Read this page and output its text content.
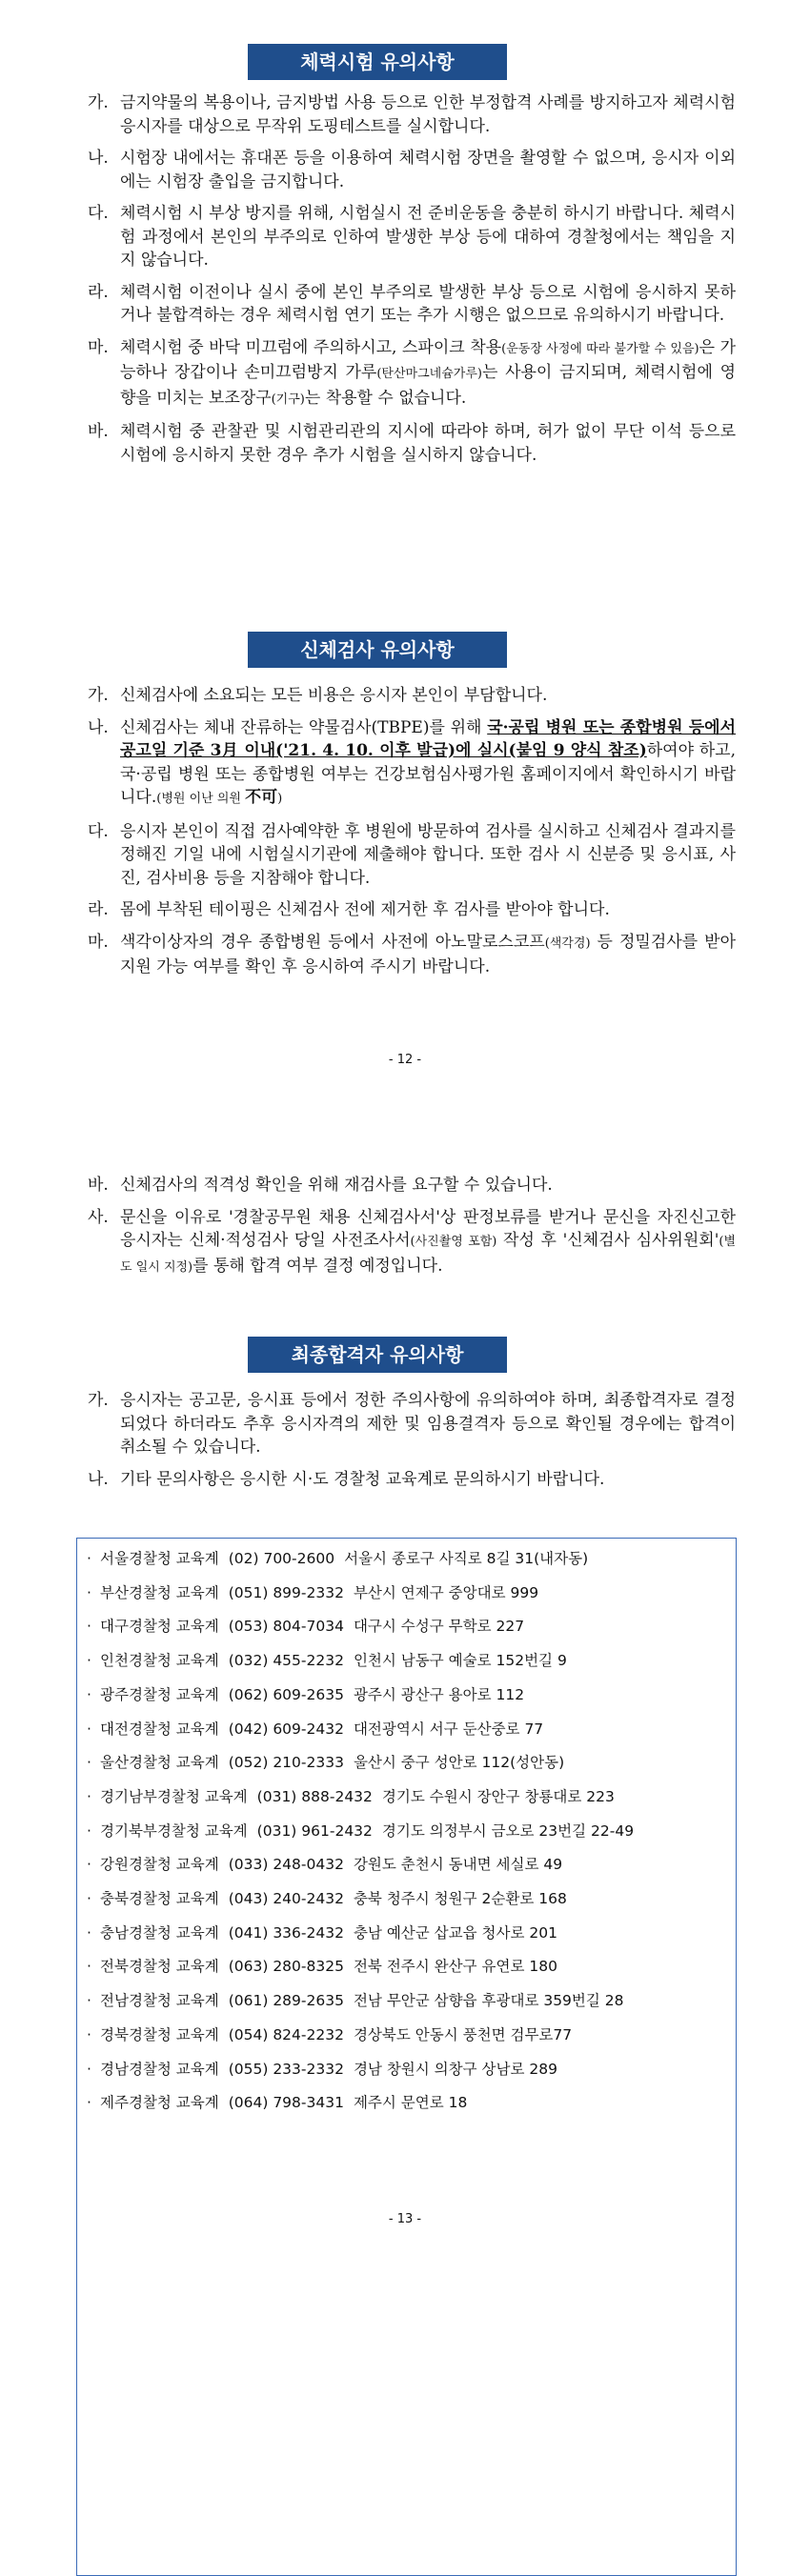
체력시험 유의사항
가. 금지약물의 복용이나, 금지방법 사용 등으로 인한 부정합격 사례를 방지하고자 체력시험 응시자를 대상으로 무작위 도핑테스트를 실시합니다.
나. 시험장 내에서는 휴대폰 등을 이용하여 체력시험 장면을 촬영할 수 없으며, 응시자 이외에는 시험장 출입을 금지합니다.
다. 체력시험 시 부상 방지를 위해, 시험실시 전 준비운동을 충분히 하시기 바랍니다. 체력시험 과정에서 본인의 부주의로 인하여 발생한 부상 등에 대하여 경찰청에서는 책임을 지지 않습니다.
라. 체력시험 이전이나 실시 중에 본인 부주의로 발생한 부상 등으로 시험에 응시하지 못하거나 불합격하는 경우 체력시험 연기 또는 추가 시행은 없으므로 유의하시기 바랍니다.
마. 체력시험 중 바닥 미끄럼에 주의하시고, 스파이크 착용(운동장 사정에 따라 불가할 수 있음)은 가능하나 장갑이나 손미끄럼방지 가루(탄산마그네슘가루)는 사용이 금지되며, 체력시험에 영향을 미치는 보조장구(기구)는 착용할 수 없습니다.
바. 체력시험 중 관찰관 및 시험관리관의 지시에 따라야 하며, 허가 없이 무단 이석 등으로 시험에 응시하지 못한 경우 추가 시험을 실시하지 않습니다.
신체검사 유의사항
가. 신체검사에 소요되는 모든 비용은 응시자 본인이 부담합니다.
나. 신체검사는 체내 잔류하는 약물검사(TBPE)를 위해 국·공립 병원 또는 종합병원 등에서 공고일 기준 3月 이내('21. 4. 10. 이후 발급)에 실시(붙임 9 양식 참조)하여야 하고, 국·공립 병원 또는 종합병원 여부는 건강보험심사평가원 홈페이지에서 확인하시기 바랍니다.(병원 이난 의원 不可)
다. 응시자 본인이 직접 검사예약한 후 병원에 방문하여 검사를 실시하고 신체검사 결과지를 정해진 기일 내에 시험실시기관에 제출해야 합니다. 또한 검사 시 신분증 및 응시표, 사진, 검사비용 등을 지참해야 합니다.
라. 몸에 부착된 테이핑은 신체검사 전에 제거한 후 검사를 받아야 합니다.
마. 색각이상자의 경우 종합병원 등에서 사전에 아노말로스코프(색각경) 등 정밀검사를 받아 지원 가능 여부를 확인 후 응시하여 주시기 바랍니다.
- 12 -
바. 신체검사의 적격성 확인을 위해 재검사를 요구할 수 있습니다.
사. 문신을 이유로 '경찰공무원 채용 신체검사서'상 판정보류를 받거나 문신을 자진신고한 응시자는 신체·적성검사 당일 사전조사서(사진촬영 포함) 작성 후 '신체검사 심사위원회'(별도 일시 지정)를 통해 합격 여부 결정 예정입니다.
최종합격자 유의사항
가. 응시자는 공고문, 응시표 등에서 정한 주의사항에 유의하여야 하며, 최종합격자로 결정되었다 하더라도 추후 응시자격의 제한 및 임용결격자 등으로 확인될 경우에는 합격이 취소될 수 있습니다.
나. 기타 문의사항은 응시한 시·도 경찰청 교육계로 문의하시기 바랍니다.
· 서울경찰청 교육계 (02) 700-2600 서울시 종로구 사직로 8길 31(내자동)
· 부산경찰청 교육계 (051) 899-2332 부산시 연제구 중앙대로 999
· 대구경찰청 교육계 (053) 804-7034 대구시 수성구 무학로 227
· 인천경찰청 교육계 (032) 455-2232 인천시 남동구 예술로 152번길 9
· 광주경찰청 교육계 (062) 609-2635 광주시 광산구 용아로 112
· 대전경찰청 교육계 (042) 609-2432 대전광역시 서구 둔산중로 77
· 울산경찰청 교육계 (052) 210-2333 울산시 중구 성안로 112(성안동)
· 경기남부경찰청 교육계 (031) 888-2432 경기도 수원시 장안구 창룡대로 223
· 경기북부경찰청 교육계 (031) 961-2432 경기도 의정부시 금오로 23번길 22-49
· 강원경찰청 교육계 (033) 248-0432 강원도 춘천시 동내면 세실로 49
· 충북경찰청 교육계 (043) 240-2432 충북 청주시 청원구 2순환로 168
· 충남경찰청 교육계 (041) 336-2432 충남 예산군 삽교읍 청사로 201
· 전북경찰청 교육계 (063) 280-8325 전북 전주시 완산구 유연로 180
· 전남경찰청 교육계 (061) 289-2635 전남 무안군 삼향읍 후광대로 359번길 28
· 경북경찰청 교육계 (054) 824-2232 경상북도 안동시 풍천면 검무로77
· 경남경찰청 교육계 (055) 233-2332 경남 창원시 의창구 상남로 289
· 제주경찰청 교육계 (064) 798-3431 제주시 문연로 18
- 13 -
